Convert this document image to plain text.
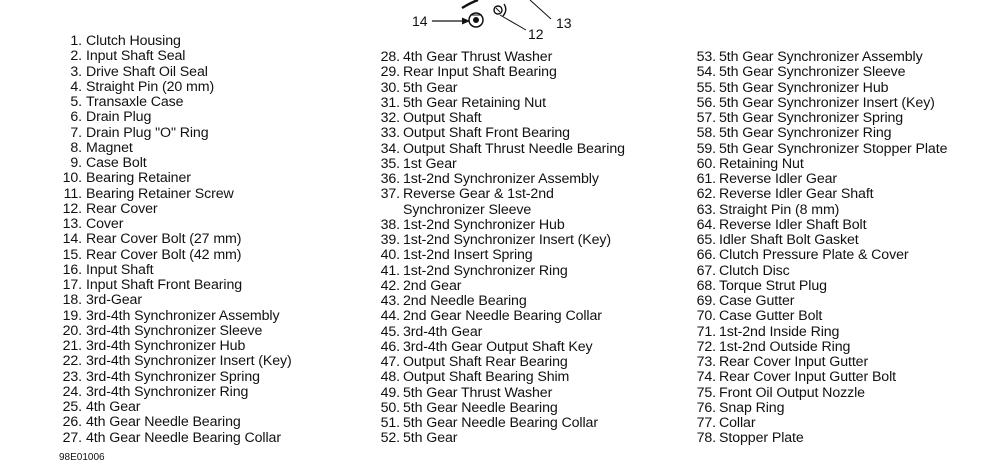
14
12
13
1. Clutch Housing
2. Input Shaft Seal
3. Drive Shaft Oil Seal
4. Straight Pin (20 mm)
5. Transaxle Case
6. Drain Plug
7. Drain Plug "O" Ring
8. Magnet
9. Case Bolt
10. Bearing Retainer
11. Bearing Retainer Screw
12. Rear Cover
13. Cover
14. Rear Cover Bolt (27 mm)
15. Rear Cover Bolt (42 mm)
16. Input Shaft
17. Input Shaft Front Bearing
18. 3rd-Gear
19. 3rd-4th Synchronizer Assembly
20. 3rd-4th Synchronizer Sleeve
21. 3rd-4th Synchronizer Hub
22. 3rd-4th Synchronizer Insert (Key)
23. 3rd-4th Synchronizer Spring
24. 3rd-4th Synchronizer Ring
25. 4th Gear
26. 4th Gear Needle Bearing
27. 4th Gear Needle Bearing Collar
28. 4th Gear Thrust Washer
29. Rear Input Shaft Bearing
30. 5th Gear
31. 5th Gear Retaining Nut
32. Output Shaft
33. Output Shaft Front Bearing
34. Output Shaft Thrust Needle Bearing
35. 1st Gear
36. 1st-2nd Synchronizer Assembly
37. Reverse Gear & 1st-2nd
Synchronizer Sleeve
38. 1st-2nd Synchronizer Hub
39. 1st-2nd Synchronizer Insert (Key)
40. 1st-2nd Insert Spring
41. 1st-2nd Synchronizer Ring
42. 2nd Gear
43. 2nd Needle Bearing
44. 2nd Gear Needle Bearing Collar
45. 3rd-4th Gear
46. 3rd-4th Gear Output Shaft Key
47. Output Shaft Rear Bearing
48. Output Shaft Bearing Shim
49. 5th Gear Thrust Washer
50. 5th Gear Needle Bearing
51. 5th Gear Needle Bearing Collar
52. 5th Gear
53. 5th Gear Synchronizer Assembly
54. 5th Gear Synchronizer Sleeve
55. 5th Gear Synchronizer Hub
56. 5th Gear Synchronizer Insert (Key)
57. 5th Gear Synchronizer Spring
58. 5th Gear Synchronizer Ring
59. 5th Gear Synchronizer Stopper Plate
60. Retaining Nut
61. Reverse Idler Gear
62. Reverse Idler Gear Shaft
63. Straight Pin (8 mm)
64. Reverse Idler Shaft Bolt
65. Idler Shaft Bolt Gasket
66. Clutch Pressure Plate & Cover
67. Clutch Disc
68. Torque Strut Plug
69. Case Gutter
70. Case Gutter Bolt
71. 1st-2nd Inside Ring
72. 1st-2nd Outside Ring
73. Rear Cover Input Gutter
74. Rear Cover Input Gutter Bolt
75. Front Oil Output Nozzle
76. Snap Ring
77. Collar
78. Stopper Plate
98E01006
